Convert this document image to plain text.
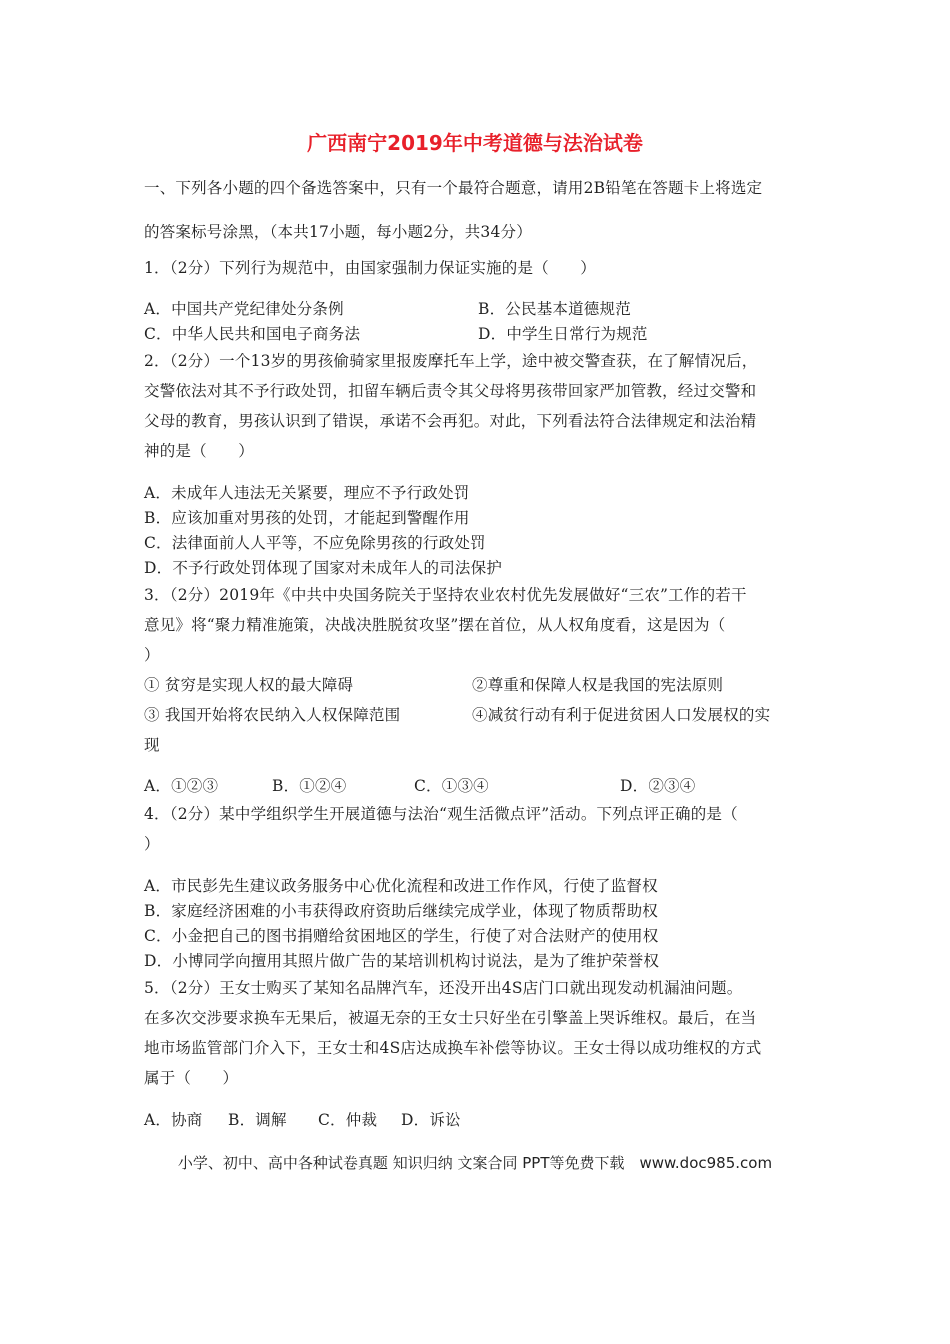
广西南宁2019年中考道德与法治试卷
一、下列各小题的四个备选答案中，只有一个最符合题意，请用2B铅笔在答题卡上将选定
的答案标号涂黑，（本共17小题，每小题2分，共34分）
1．（2分）下列行为规范中，由国家强制力保证实施的是（　　）
A．中国共产党纪律处分条例	B．公民基本道德规范
C．中华人民共和国电子商务法	D．中学生日常行为规范
2．（2分）一个13岁的男孩偷骑家里报废摩托车上学，途中被交警查获，在了解情况后，
交警依法对其不予行政处罚，扣留车辆后责令其父母将男孩带回家严加管教，经过交警和
父母的教育，男孩认识到了错误，承诺不会再犯。对此，下列看法符合法律规定和法治精
神的是（　　）
A．未成年人违法无关紧要，理应不予行政处罚
B．应该加重对男孩的处罚，才能起到警醒作用
C．法律面前人人平等，不应免除男孩的行政处罚
D．不予行政处罚体现了国家对未成年人的司法保护
3．（2分）2019年《中共中央国务院关于坚持农业农村优先发展做好“三农”工作的若干
意见》将“聚力精准施策，决战决胜脱贫攻坚”摆在首位，从人权角度看，这是因为（
）
① 贫穷是实现人权的最大障碍	②尊重和保障人权是我国的宪法原则
③ 我国开始将农民纳入人权保障范围	④减贫行动有利于促进贫困人口发展权的实
现
A．①②③	B．①②④	C．①③④	D．②③④
4．（2分）某中学组织学生开展道德与法治“观生活微点评”活动。下列点评正确的是（
）
A．市民彭先生建议政务服务中心优化流程和改进工作作风，行使了监督权
B．家庭经济困难的小韦获得政府资助后继续完成学业，体现了物质帮助权
C．小金把自己的图书捐赠给贫困地区的学生，行使了对合法财产的使用权
D．小博同学向擅用其照片做广告的某培训机构讨说法，是为了维护荣誉权
5．（2分）王女士购买了某知名品牌汽车，还没开出4S店门口就出现发动机漏油问题。
在多次交涉要求换车无果后，被逼无奈的王女士只好坐在引擎盖上哭诉维权。最后，在当
地市场监管部门介入下，王女士和4S店达成换车补偿等协议。王女士得以成功维权的方式
属于（　　）
A．协商 B．调解 C．仲裁 D．诉讼
小学、初中、高中各种试卷真题 知识归纳 文案合同 PPT等免费下载　www.doc985.com
